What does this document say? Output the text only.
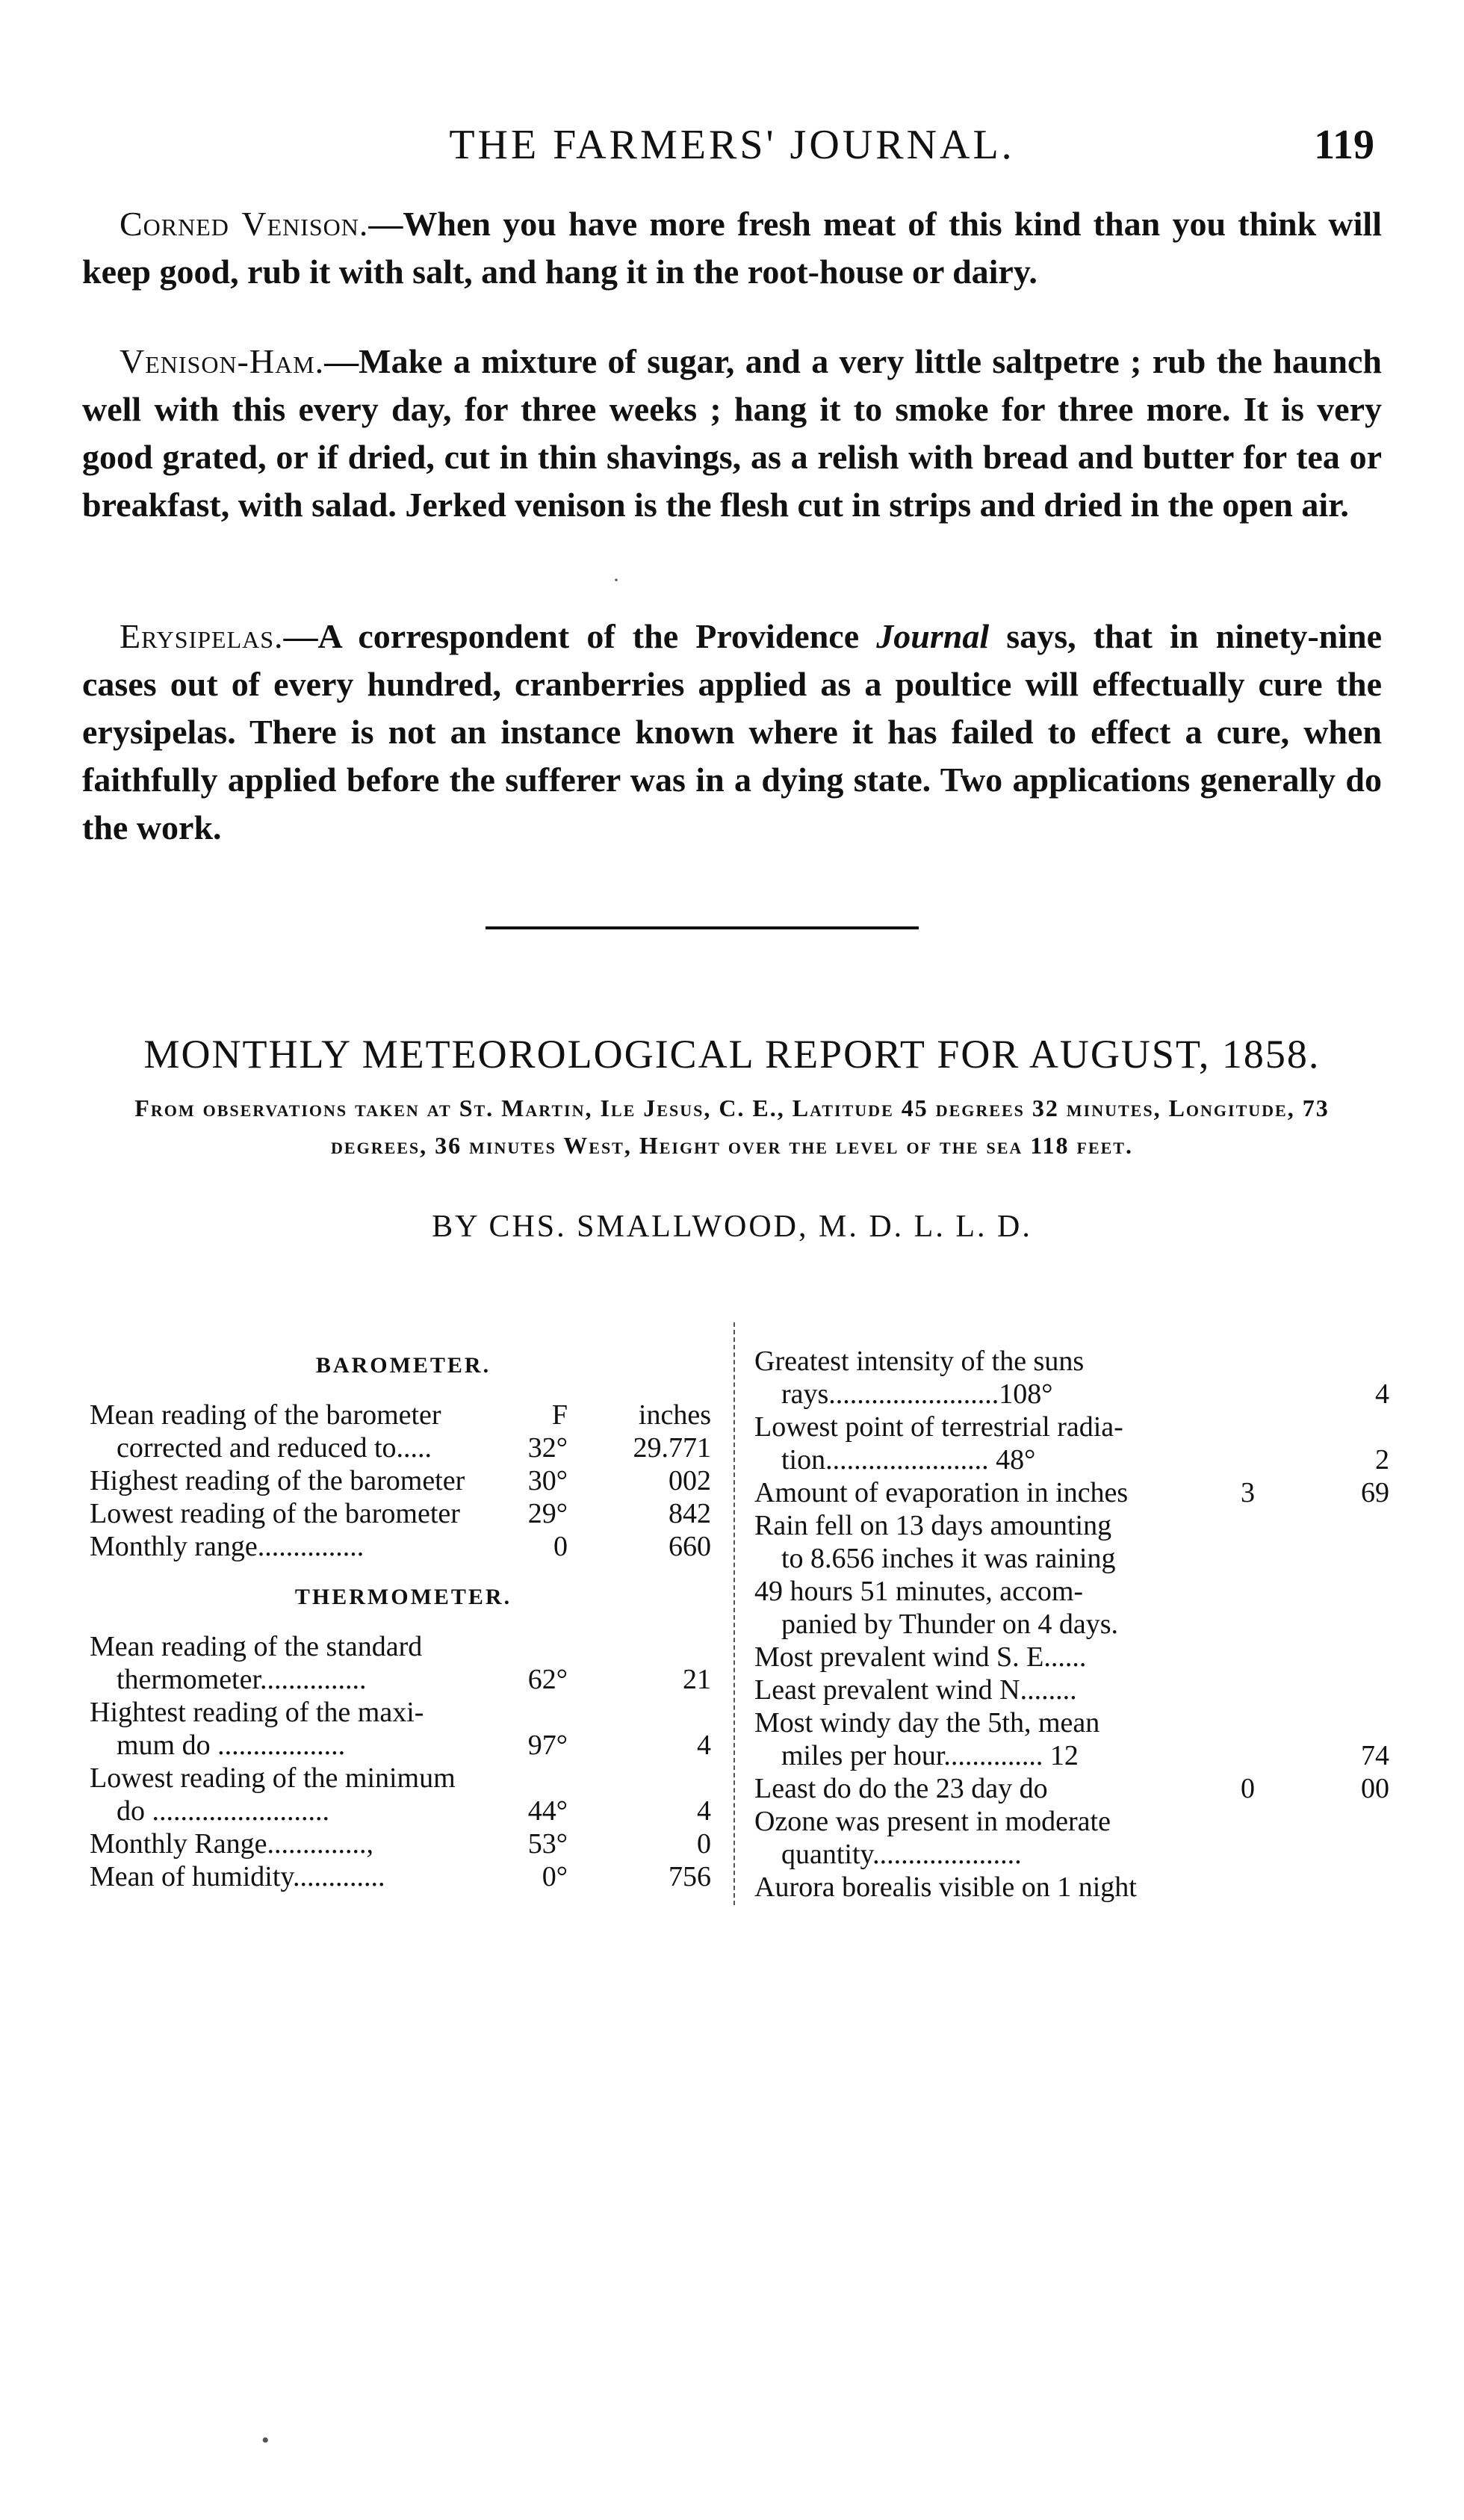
THE FARMERS' JOURNAL.	119

Corned Venison.—When you have more fresh meat of this kind than you think will keep good, rub it with salt, and hang it in the root-house or dairy.

Venison-Ham.—Make a mixture of sugar, and a very little saltpetre ; rub the haunch well with this every day, for three weeks ; hang it to smoke for three more. It is very good grated, or if dried, cut in thin shavings, as a relish with bread and butter for tea or breakfast, with salad. Jerked venison is the flesh cut in strips and dried in the open air.

Erysipelas.—A correspondent of the Providence Journal says, that in ninety-nine cases out of every hundred, cranberries applied as a poultice will effectually cure the erysipelas. There is not an instance known where it has failed to effect a cure, when faithfully applied before the sufferer was in a dying state. Two applications generally do the work.

MONTHLY METEOROLOGICAL REPORT FOR AUGUST, 1858.
From observations taken at St. Martin, Ile Jesus, C. E., Latitude 45 degrees 32 minutes, Longitude, 73 degrees, 36 minutes West, Height over the level of the sea 118 feet.
BY CHS. SMALLWOOD, M. D. L. L. D.
BAROMETER.
Mean reading of the barometer	F inches
corrected and reduced to.....	32° 29.771
Highest reading of the barometer 30°	002
Lowest reading of the barometer 29°	842
Monthly range...............	0	660
THERMOMETER.
Mean reading of the standard
thermometer...............	62°	21
Hightest reading of the maxi-
mum do ..................	97°	4
Lowest reading of the minimum
do .........................	44°	4
Monthly Range..............,	53°	0
Mean of humidity.............	0°	756
Greatest intensity of the suns
rays........................108°	4
Lowest point of terrestrial radia-
tion....................... 48°	2
Amount of evaporation in inches	3	69
Rain fell on 13 days amounting
to 8.656 inches it was raining
49 hours 51 minutes, accom-
panied by Thunder on 4 days.
Most prevalent wind S. E......
Least prevalent wind N........
Most windy day the 5th, mean
miles per hour.............. 12	74
Least do do the 23 day do	0	00
Ozone was present in moderate
quantity.....................
Aurora borealis visible on 1 night
·
•
